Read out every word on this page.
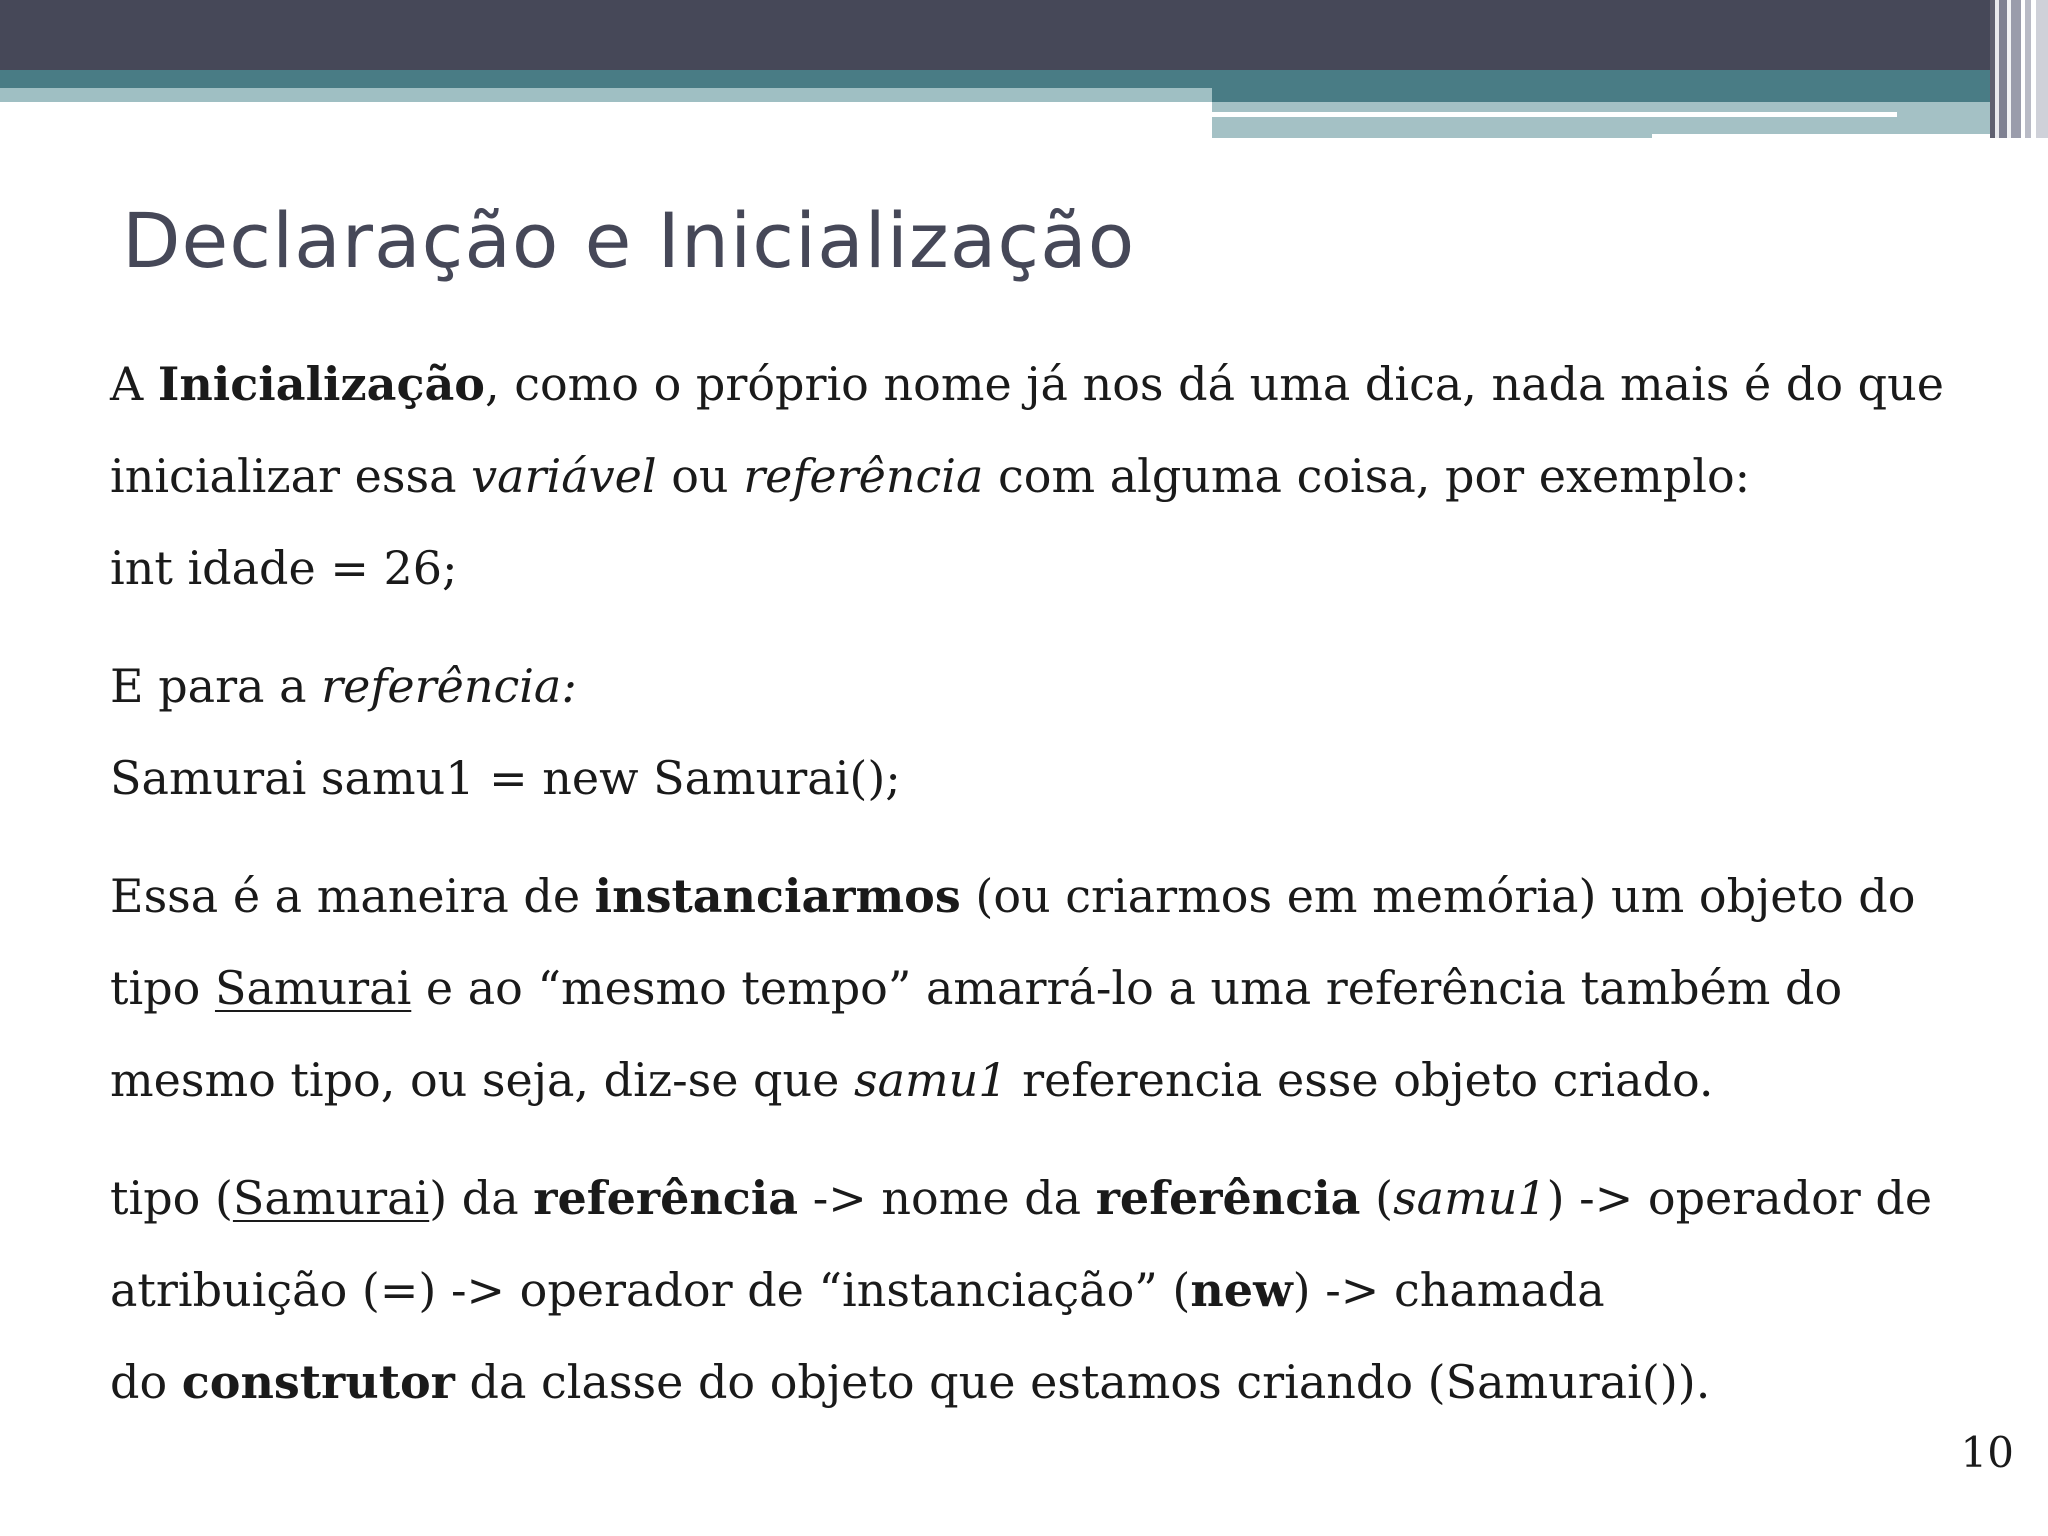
Declaração e Inicialização

A Inicialização, como o próprio nome já nos dá uma dica, nada mais é do que

inicializar essa variável ou referência com alguma coisa, por exemplo:

int idade = 26;

E para a referência:

Samurai samu1 = new Samurai();

Essa é a maneira de instanciarmos (ou criarmos em memória) um objeto do

tipo Samurai e ao “mesmo tempo” amarrá-lo a uma referência também do

mesmo tipo, ou seja, diz-se que samu1 referencia esse objeto criado.

tipo (Samurai) da referência -> nome da referência (samu1) -> operador de

atribuição (=) -> operador de “instanciação” (new) -> chamada

do construtor da classe do objeto que estamos criando (Samurai()).

10
